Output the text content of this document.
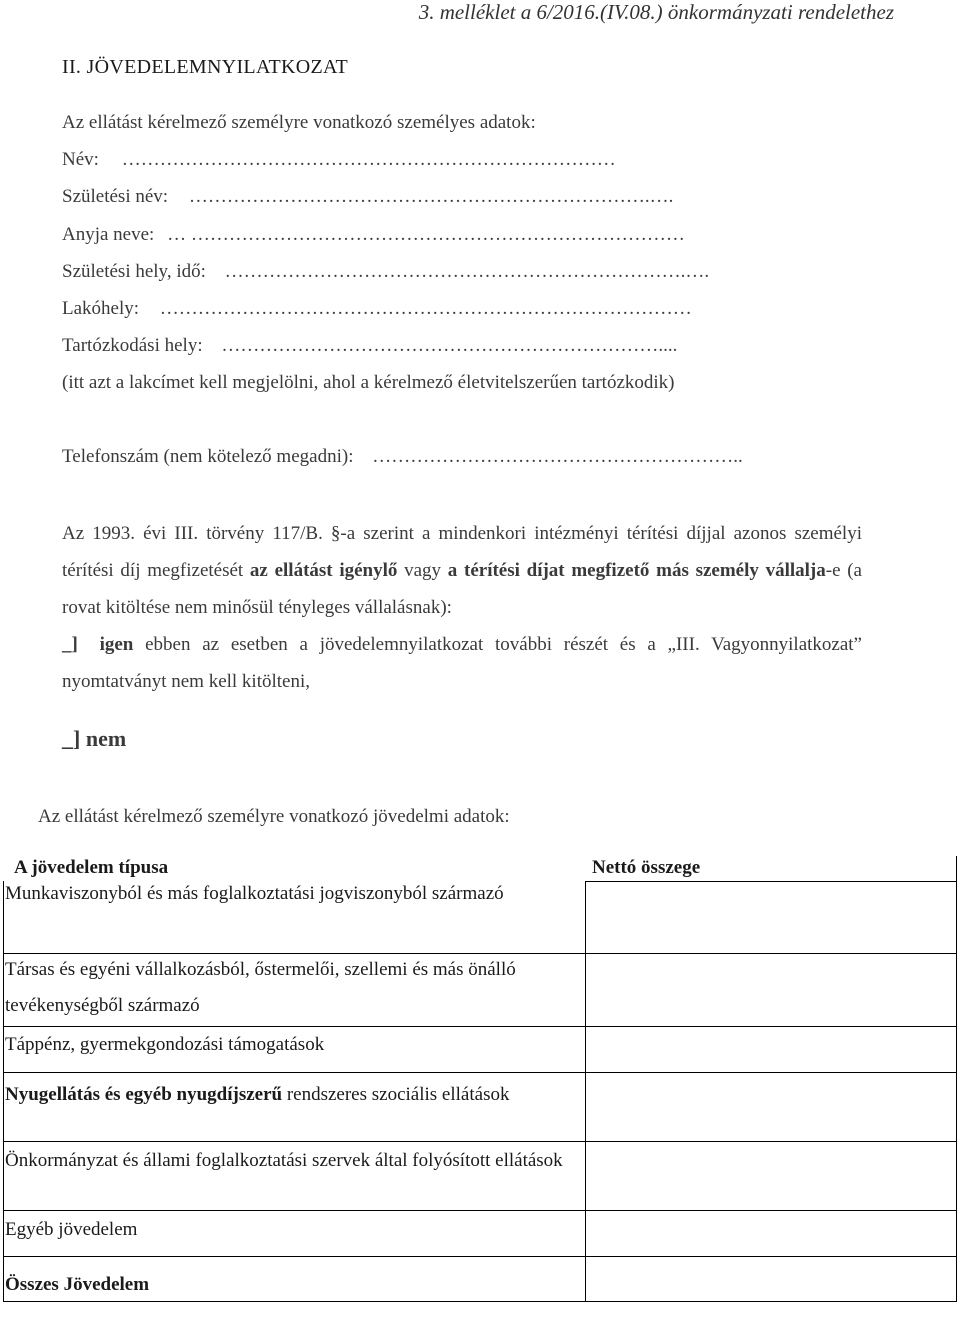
3. melléklet a 6/2016.(IV.08.) önkormányzati rendelethez
II. JÖVEDELEMNYILATKOZAT
Az ellátást kérelmező személyre vonatkozó személyes adatok:
Név: ……………………………………………………………………
Születési név: ……………………………………………………………….….
Anyja neve: … ……………………………………………………………………
Születési hely, idő: ……………………………………………………………….….
Lakóhely: …………………………………………………………………………
Tartózkodási hely: ……………………………………………………………....
(itt azt a lakcímet kell megjelölni, ahol a kérelmező életvitelszerűen tartózkodik)
Telefonszám (nem kötelező megadni): …………………………………………………..
Az 1993. évi III. törvény 117/B. §-a szerint a mindenkori intézményi térítési díjjal azonos személyi térítési díj megfizetését az ellátást igénylő vagy a térítési díjat megfizető más személy vállalja-e (a rovat kitöltése nem minősül tényleges vállalásnak):
_] igen ebben az esetben a jövedelemnyilatkozat további részét és a „III. Vagyonnyilatkozat” nyomtatványt nem kell kitölteni,
_] nem
Az ellátást kérelmező személyre vonatkozó jövedelmi adatok:
A jövedelem típusa	Nettó összege
Munkaviszonyból és más foglalkoztatási jogviszonyból származó
Társas és egyéni vállalkozásból, őstermelői, szellemi és más önálló tevékenységből származó
Táppénz, gyermekgondozási támogatások
Nyugellátás és egyéb nyugdíjszerű rendszeres szociális ellátások
Önkormányzat és állami foglalkoztatási szervek által folyósított ellátások
Egyéb jövedelem
Összes Jövedelem
